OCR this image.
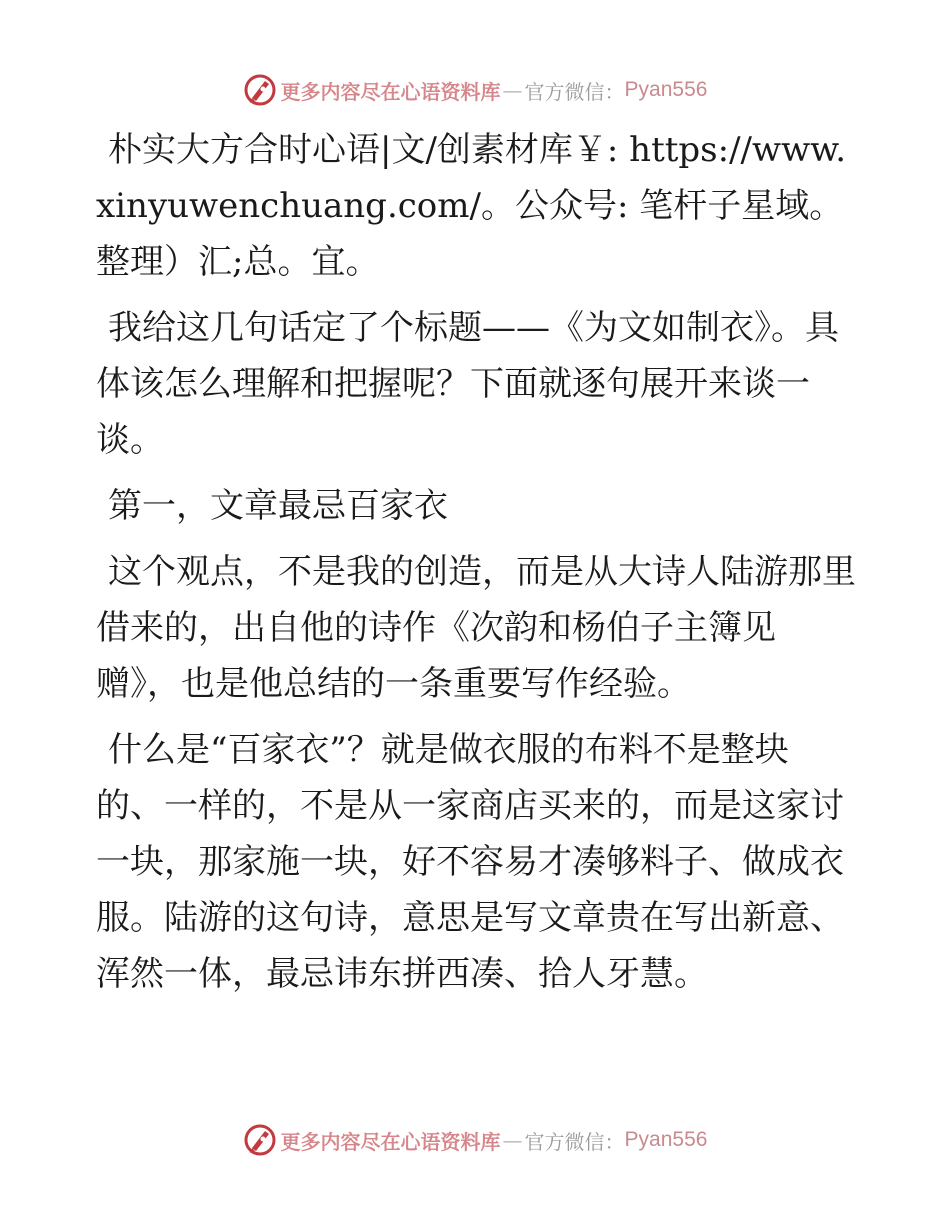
更多内容尽在心语资料库 — 官方微信： Pyan556

朴实大方合时心语|文/创素材库￥: https://www.xinyuwenchuang.com/。公众号: 笔杆子星域。整理）汇;总。宜。

我给这几句话定了个标题——《为文如制衣》。具体该怎么理解和把握呢？下面就逐句展开来谈一谈。

第一，文章最忌百家衣

这个观点，不是我的创造，而是从大诗人陆游那里借来的，出自他的诗作《次韵和杨伯子主簿见赠》，也是他总结的一条重要写作经验。

什么是“百家衣”？就是做衣服的布料不是整块的、一样的，不是从一家商店买来的，而是这家讨一块，那家施一块，好不容易才凑够料子、做成衣服。陆游的这句诗，意思是写文章贵在写出新意、浑然一体，最忌讳东拼西凑、拾人牙慧。

更多内容尽在心语资料库 — 官方微信： Pyan556
